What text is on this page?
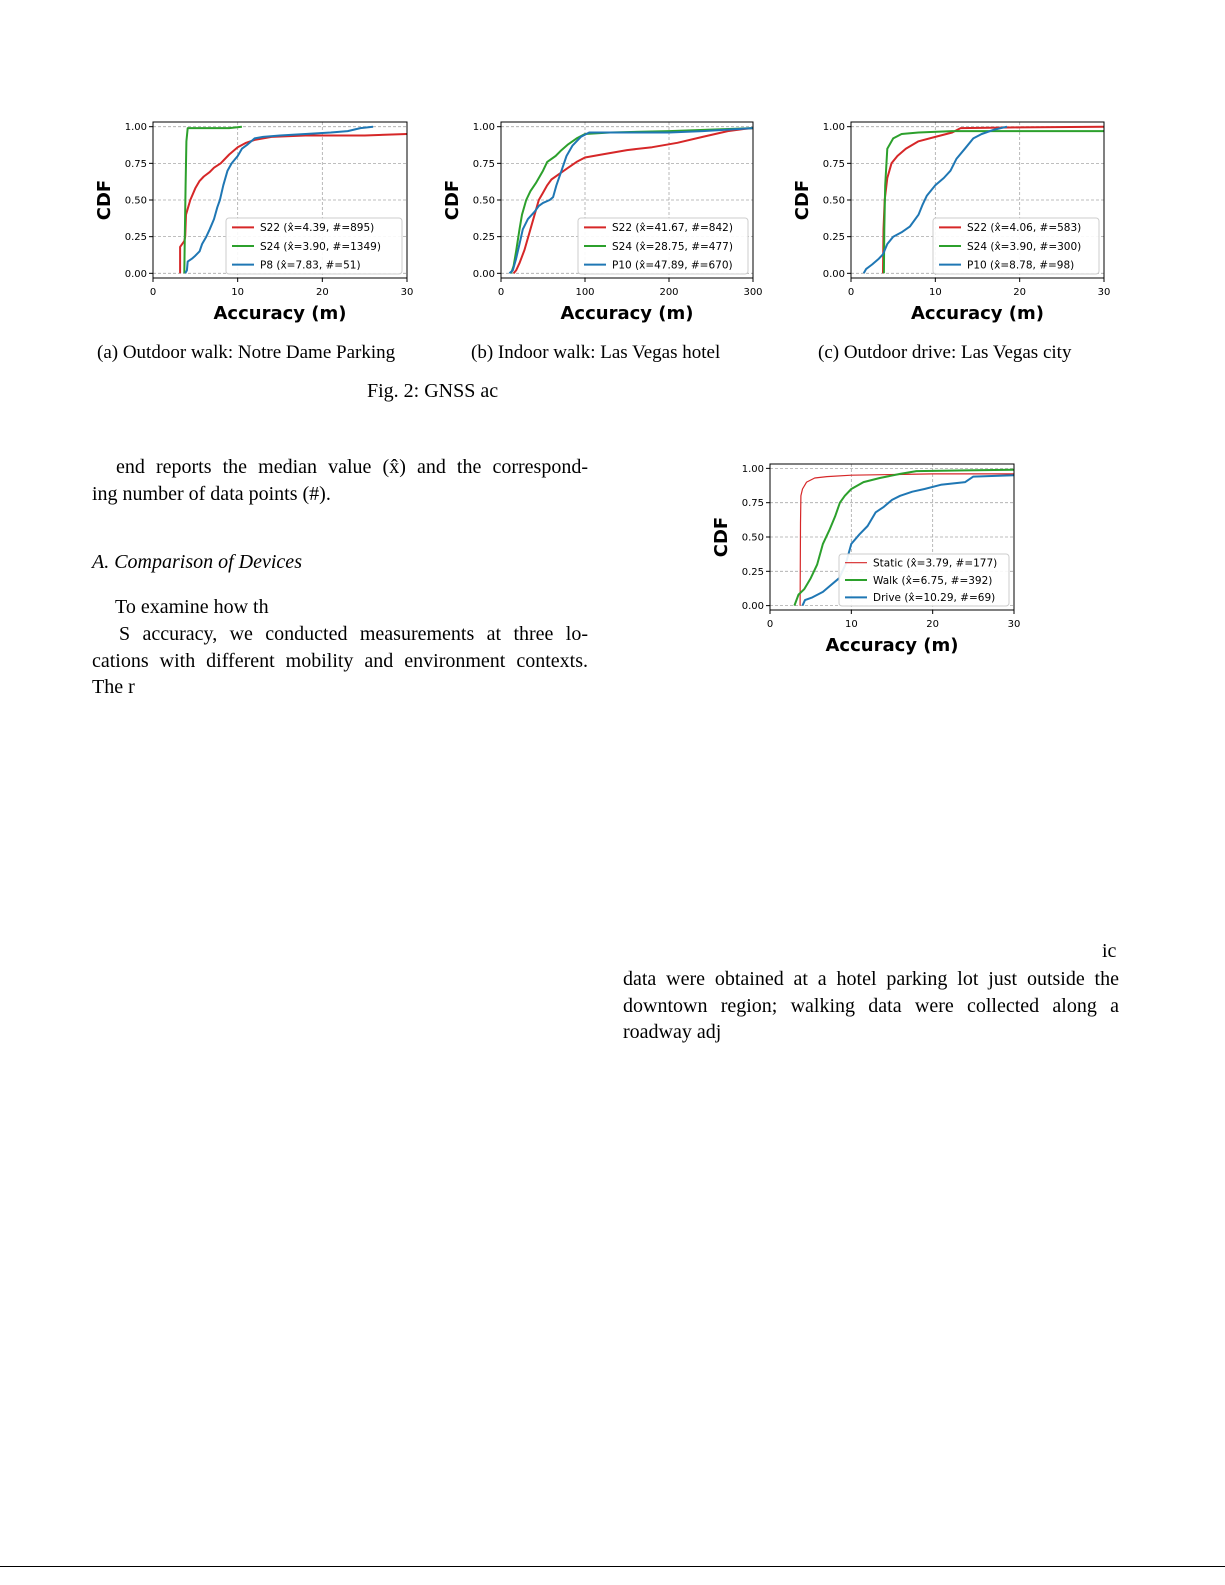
0	10	20	30
0.00
0.25
0.50
0.75
1.00
Accuracy (m)
CDF
S22 (x̂=4.39, #=895)
S24 (x̂=3.90, #=1349)
P8 (x̂=7.83, #=51)
0	100	200	300
0.00
0.25
0.50
0.75
1.00
Accuracy (m)
CDF
S22 (x̂=41.67, #=842)
S24 (x̂=28.75, #=477)
P10 (x̂=47.89, #=670)
0	10	20	30
0.00
0.25
0.50
0.75
1.00
Accuracy (m)
CDF
S22 (x̂=4.06, #=583)
S24 (x̂=3.90, #=300)
P10 (x̂=8.78, #=98)
(a) Outdoor walk: Notre Dame Parking	(b) Indoor walk: Las Vegas hotel	(c) Outdoor drive: Las Vegas city
Fig. 2: GNSS ac
end reports the median value (x̂) and the correspond-
ing number of data points (#).
A. Comparison of Devices
To examine how th
S accuracy, we conducted measurements at three lo-
cations with different mobility and environment contexts.
The r
0	10	20	30
0.00
0.25
0.50
0.75
1.00
Accuracy (m)
CDF
Static (x̂=3.79, #=177)
Walk (x̂=6.75, #=392)
Drive (x̂=10.29, #=69)
ic
data were obtained at a hotel parking lot just outside the
downtown region; walking data were collected along a
roadway adj
